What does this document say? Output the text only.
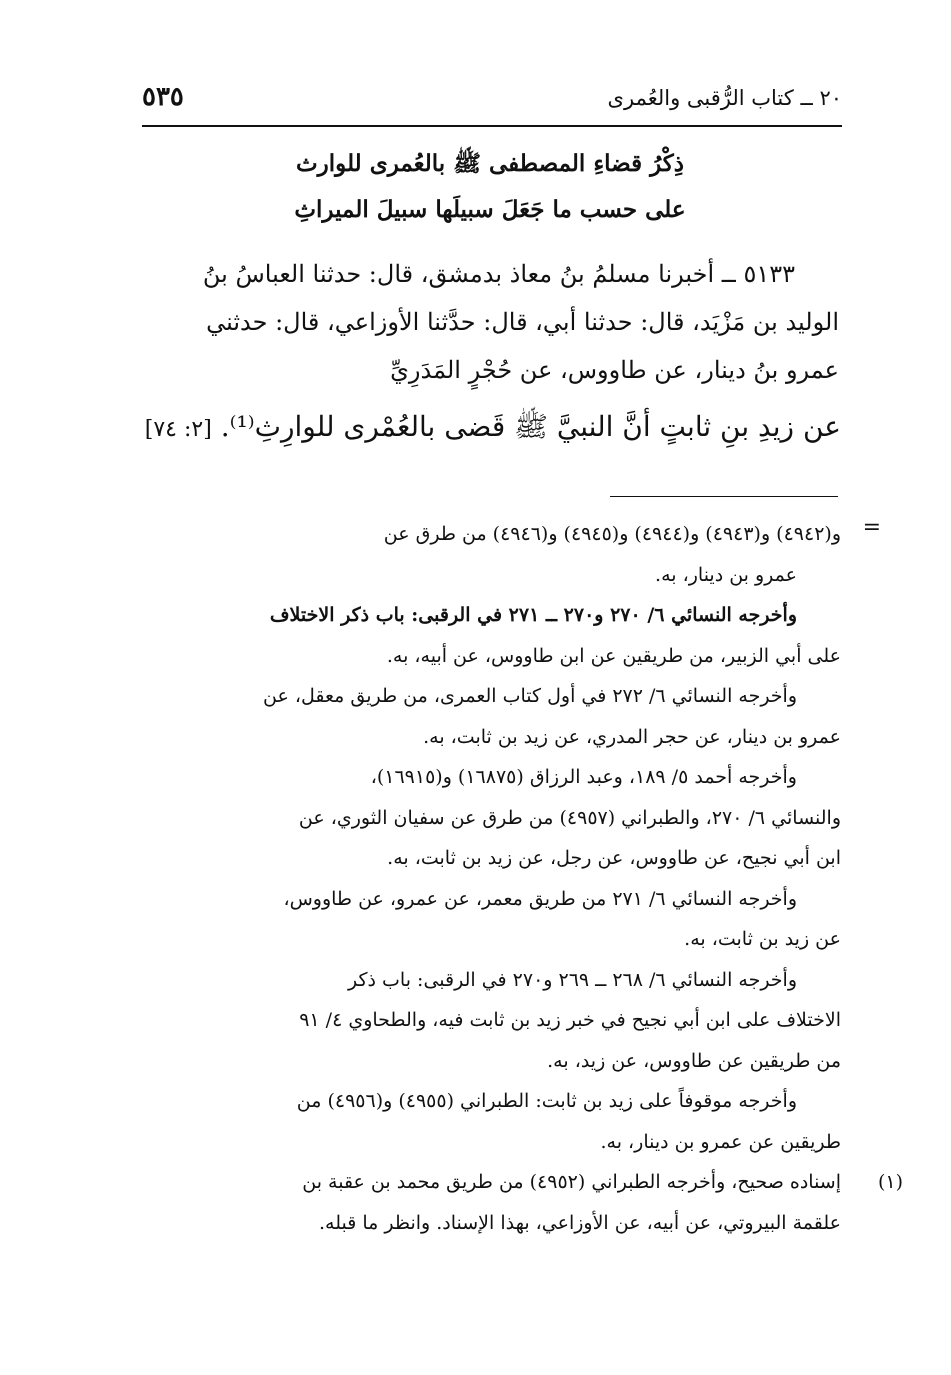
٢٠ ــ كتاب الرُّقبى والعُمرى
٥٣٥
ذِكْرُ قضاءِ المصطفى ﷺ بالعُمرى للوارث
على حسب ما جَعَلَ سبيلَها سبيلَ الميراثِ

٥١٣٣ ــ أخبرنا مسلمُ بنُ معاذ بدمشق، قال: حدثنا العباسُ بنُ

الوليد بن مَزْيَد، قال: حدثنا أبي، قال: حدَّثنا الأوزاعي، قال: حدثني

عمرو بنُ دينار، عن طاووس، عن حُجْرٍ المَدَرِيِّ

عن زيدِ بنِ ثابتٍ أنَّ النبيَّ ﷺ قَضى بالعُمْرى للوارِثِ⁽¹⁾. [٢: ٧٤]
=

و(٤٩٤٢) و(٤٩٤٣) و(٤٩٤٤) و(٤٩٤٥) و(٤٩٤٦) من طرق عن

عمرو بن دينار، به.

وأخرجه النسائي ٦/ ٢٧٠ و٢٧٠ ــ ٢٧١ في الرقبى: باب ذكر الاختلاف

على أبي الزبير، من طريقين عن ابن طاووس، عن أبيه، به.

وأخرجه النسائي ٦/ ٢٧٢ في أول كتاب العمرى، من طريق معقل، عن

عمرو بن دينار، عن حجر المدري، عن زيد بن ثابت، به.

وأخرجه أحمد ٥/ ١٨٩، وعبد الرزاق (١٦٨٧٥) و(١٦٩١٥)،

والنسائي ٦/ ٢٧٠، والطبراني (٤٩٥٧) من طرق عن سفيان الثوري، عن

ابن أبي نجيح، عن طاووس، عن رجل، عن زيد بن ثابت، به.

وأخرجه النسائي ٦/ ٢٧١ من طريق معمر، عن عمرو، عن طاووس،

عن زيد بن ثابت، به.

وأخرجه النسائي ٦/ ٢٦٨ ــ ٢٦٩ و٢٧٠ في الرقبى: باب ذكر

الاختلاف على ابن أبي نجيح في خبر زيد بن ثابت فيه، والطحاوي ٤/ ٩١

من طريقين عن طاووس، عن زيد، به.

وأخرجه موقوفاً على زيد بن ثابت: الطبراني (٤٩٥٥) و(٤٩٥٦) من

طريقين عن عمرو بن دينار، به.

(١)
إسناده صحيح، وأخرجه الطبراني (٤٩٥٢) من طريق محمد بن عقبة بن

علقمة البيروتي، عن أبيه، عن الأوزاعي، بهذا الإسناد. وانظر ما قبله.
